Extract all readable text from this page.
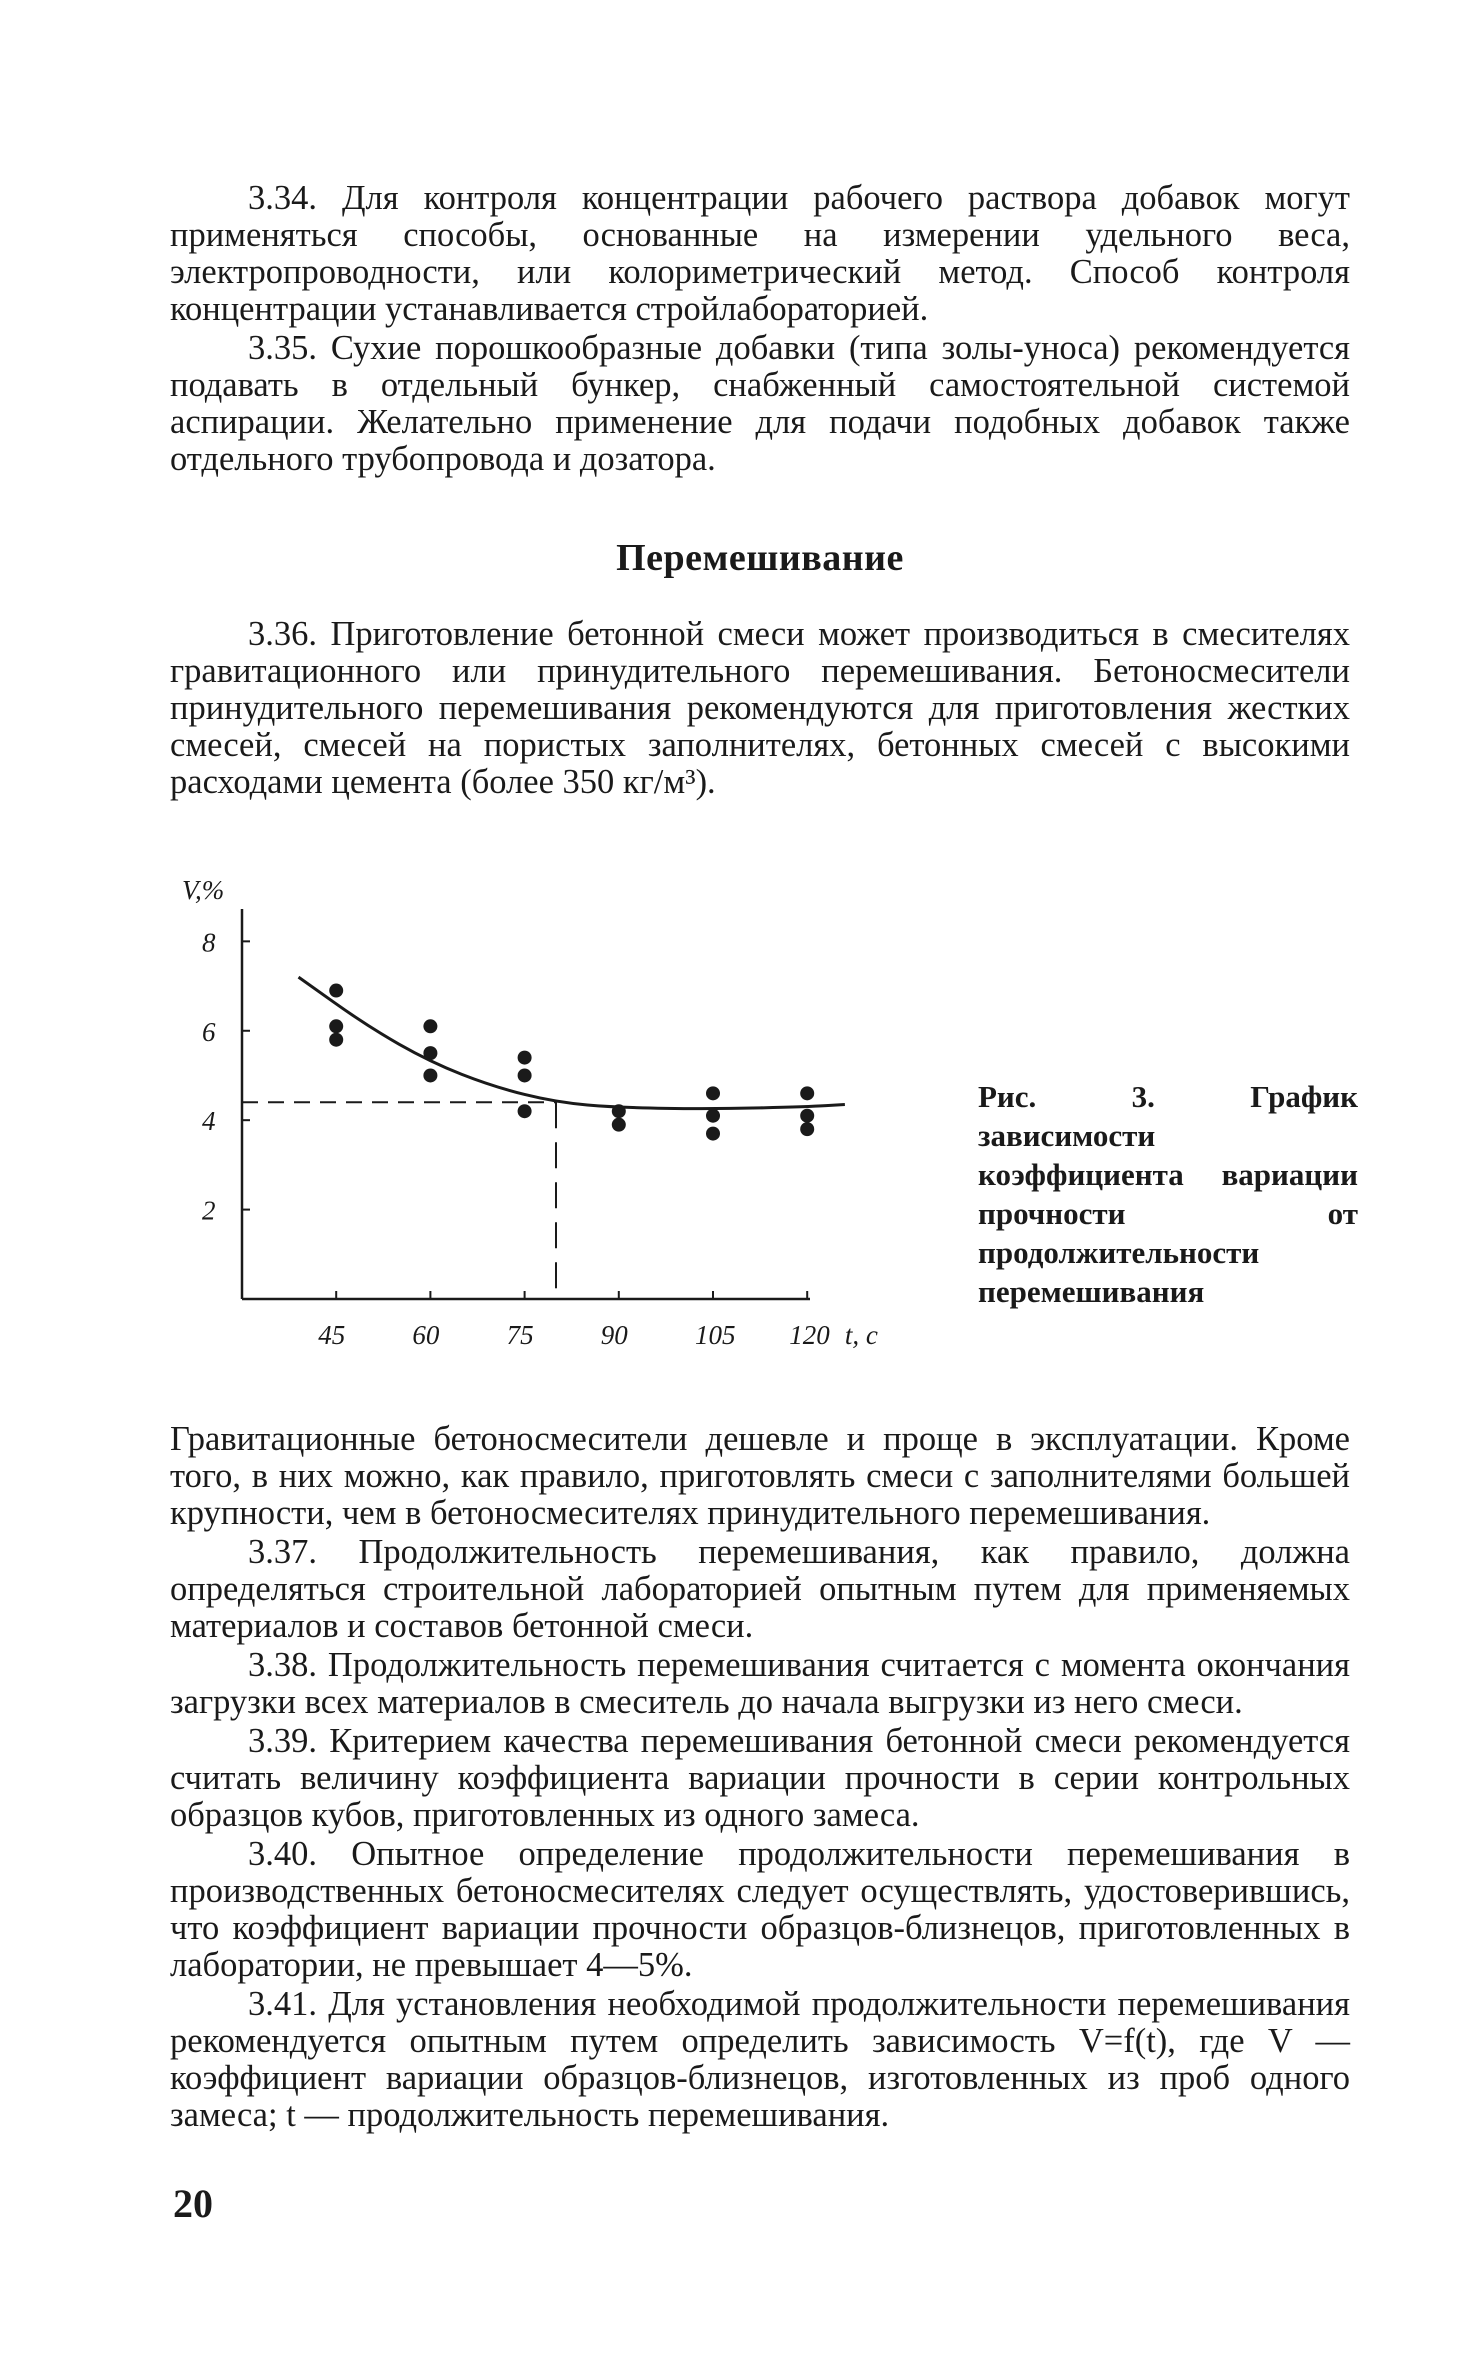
3.34. Для контроля концентрации рабочего раствора добавок могут применяться способы, основанные на измерении удельного веса, электропроводности, или колориметрический метод. Способ контроля концентрации устанавливается стройлабораторией.

3.35. Сухие порошкообразные добавки (типа золы-уноса) рекомендуется подавать в отдельный бункер, снабженный самостоятельной системой аспирации. Желательно применение для подачи подобных добавок также отдельного трубопровода и дозатора.

Перемешивание

3.36. Приготовление бетонной смеси может производиться в смесителях гравитационного или принудительного перемешивания. Бетоносмесители принудительного перемешивания рекомендуются для приготовления жестких смесей, смесей на пористых заполнителях, бетонных смесей с высокими расходами цемента (более 350 кг/м³).

V,%
2
4
6
8
45 60 75 90 105 120 t, c
Рис. 3. График зависимости коэффициента вариации прочности от продолжительности перемешивания

Гравитационные бетоносмесители дешевле и проще в эксплуатации. Кроме того, в них можно, как правило, приготовлять смеси с заполнителями большей крупности, чем в бетоносмесителях принудительного перемешивания.

3.37. Продолжительность перемешивания, как правило, должна определяться строительной лабораторией опытным путем для применяемых материалов и составов бетонной смеси.

3.38. Продолжительность перемешивания считается с момента окончания загрузки всех материалов в смеситель до начала выгрузки из него смеси.

3.39. Критерием качества перемешивания бетонной смеси рекомендуется считать величину коэффициента вариации прочности в серии контрольных образцов кубов, приготовленных из одного замеса.

3.40. Опытное определение продолжительности перемешивания в производственных бетоносмесителях следует осуществлять, удостоверившись, что коэффициент вариации прочности образцов-близнецов, приготовленных в лаборатории, не превышает 4—5%.

3.41. Для установления необходимой продолжительности перемешивания рекомендуется опытным путем определить зависимость V=f(t), где V — коэффициент вариации образцов-близнецов, изготовленных из проб одного замеса; t — продолжительность перемешивания.

20
